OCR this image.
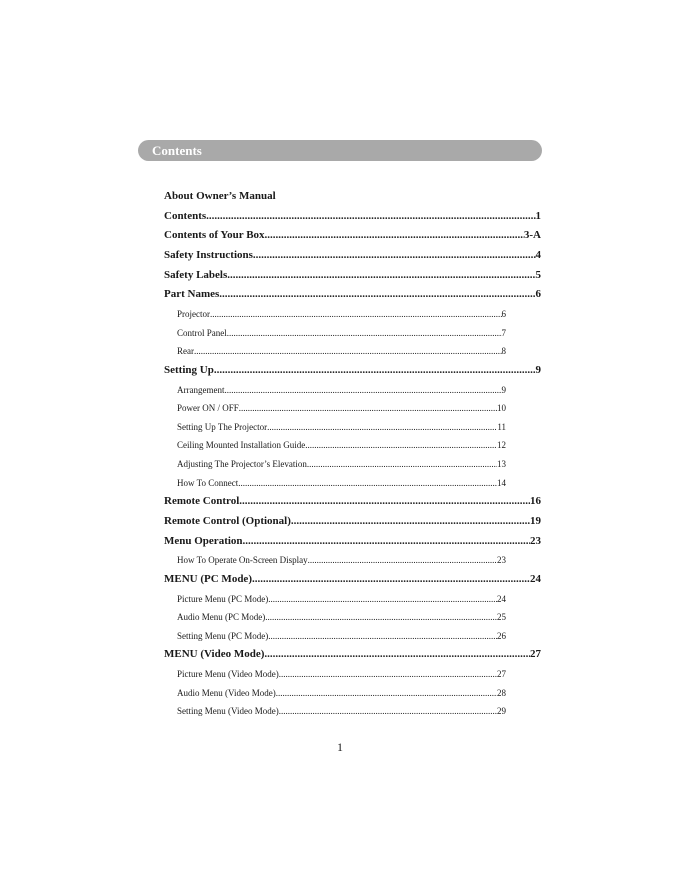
Contents
About Owner’s Manual
Contents .....	1
Contents of Your Box .....	3-A
Safety Instructions .....	4
Safety Labels .....	5
Part Names .....	6
Projector .....	6
Control Panel .....	7
Rear .....	8
Setting Up .....	9
Arrangement .....	9
Power ON / OFF .....	10
Setting Up The Projector .....	11
Ceiling Mounted Installation Guide .....	12
Adjusting The Projector’s Elevation .....	13
How To Connect .....	14
Remote Control .....	16
Remote Control (Optional) .....	19
Menu Operation .....	23
How To Operate On-Screen Display .....	23
MENU (PC Mode) .....	24
Picture Menu (PC Mode) .....	24
Audio Menu (PC Mode) .....	25
Setting Menu (PC Mode) .....	26
MENU (Video Mode) .....	27
Picture Menu (Video Mode) .....	27
Audio Menu (Video Mode) .....	28
Setting Menu (Video Mode) .....	29
1
